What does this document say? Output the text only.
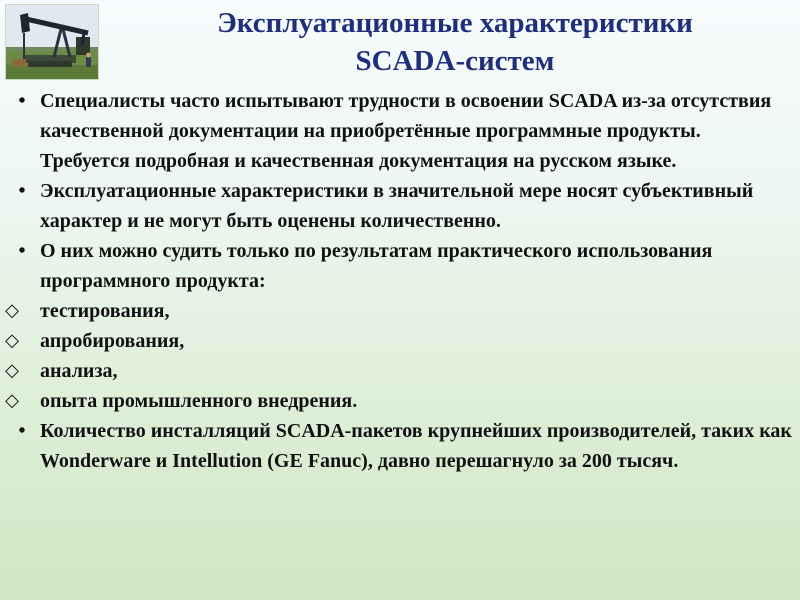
Эксплуатационные характеристики
SCADA-систем
• Специалисты часто испытывают трудности в освоении SCADA из-за отсутствия качественной документации на приобретённые программные продукты. Требуется подробная и качественная документация на русском языке.
• Эксплуатационные характеристики в значительной мере носят субъективный характер и не могут быть оценены количественно.
• О них можно судить только по результатам практического использования программного продукта:
◇ тестирования,
◇ апробирования,
◇ анализа,
◇ опыта промышленного внедрения.
• Количество инсталляций SCADA-пакетов крупнейших производителей, таких как Wonderware и Intellution (GE Fanuc), давно перешагнуло за 200 тысяч.
